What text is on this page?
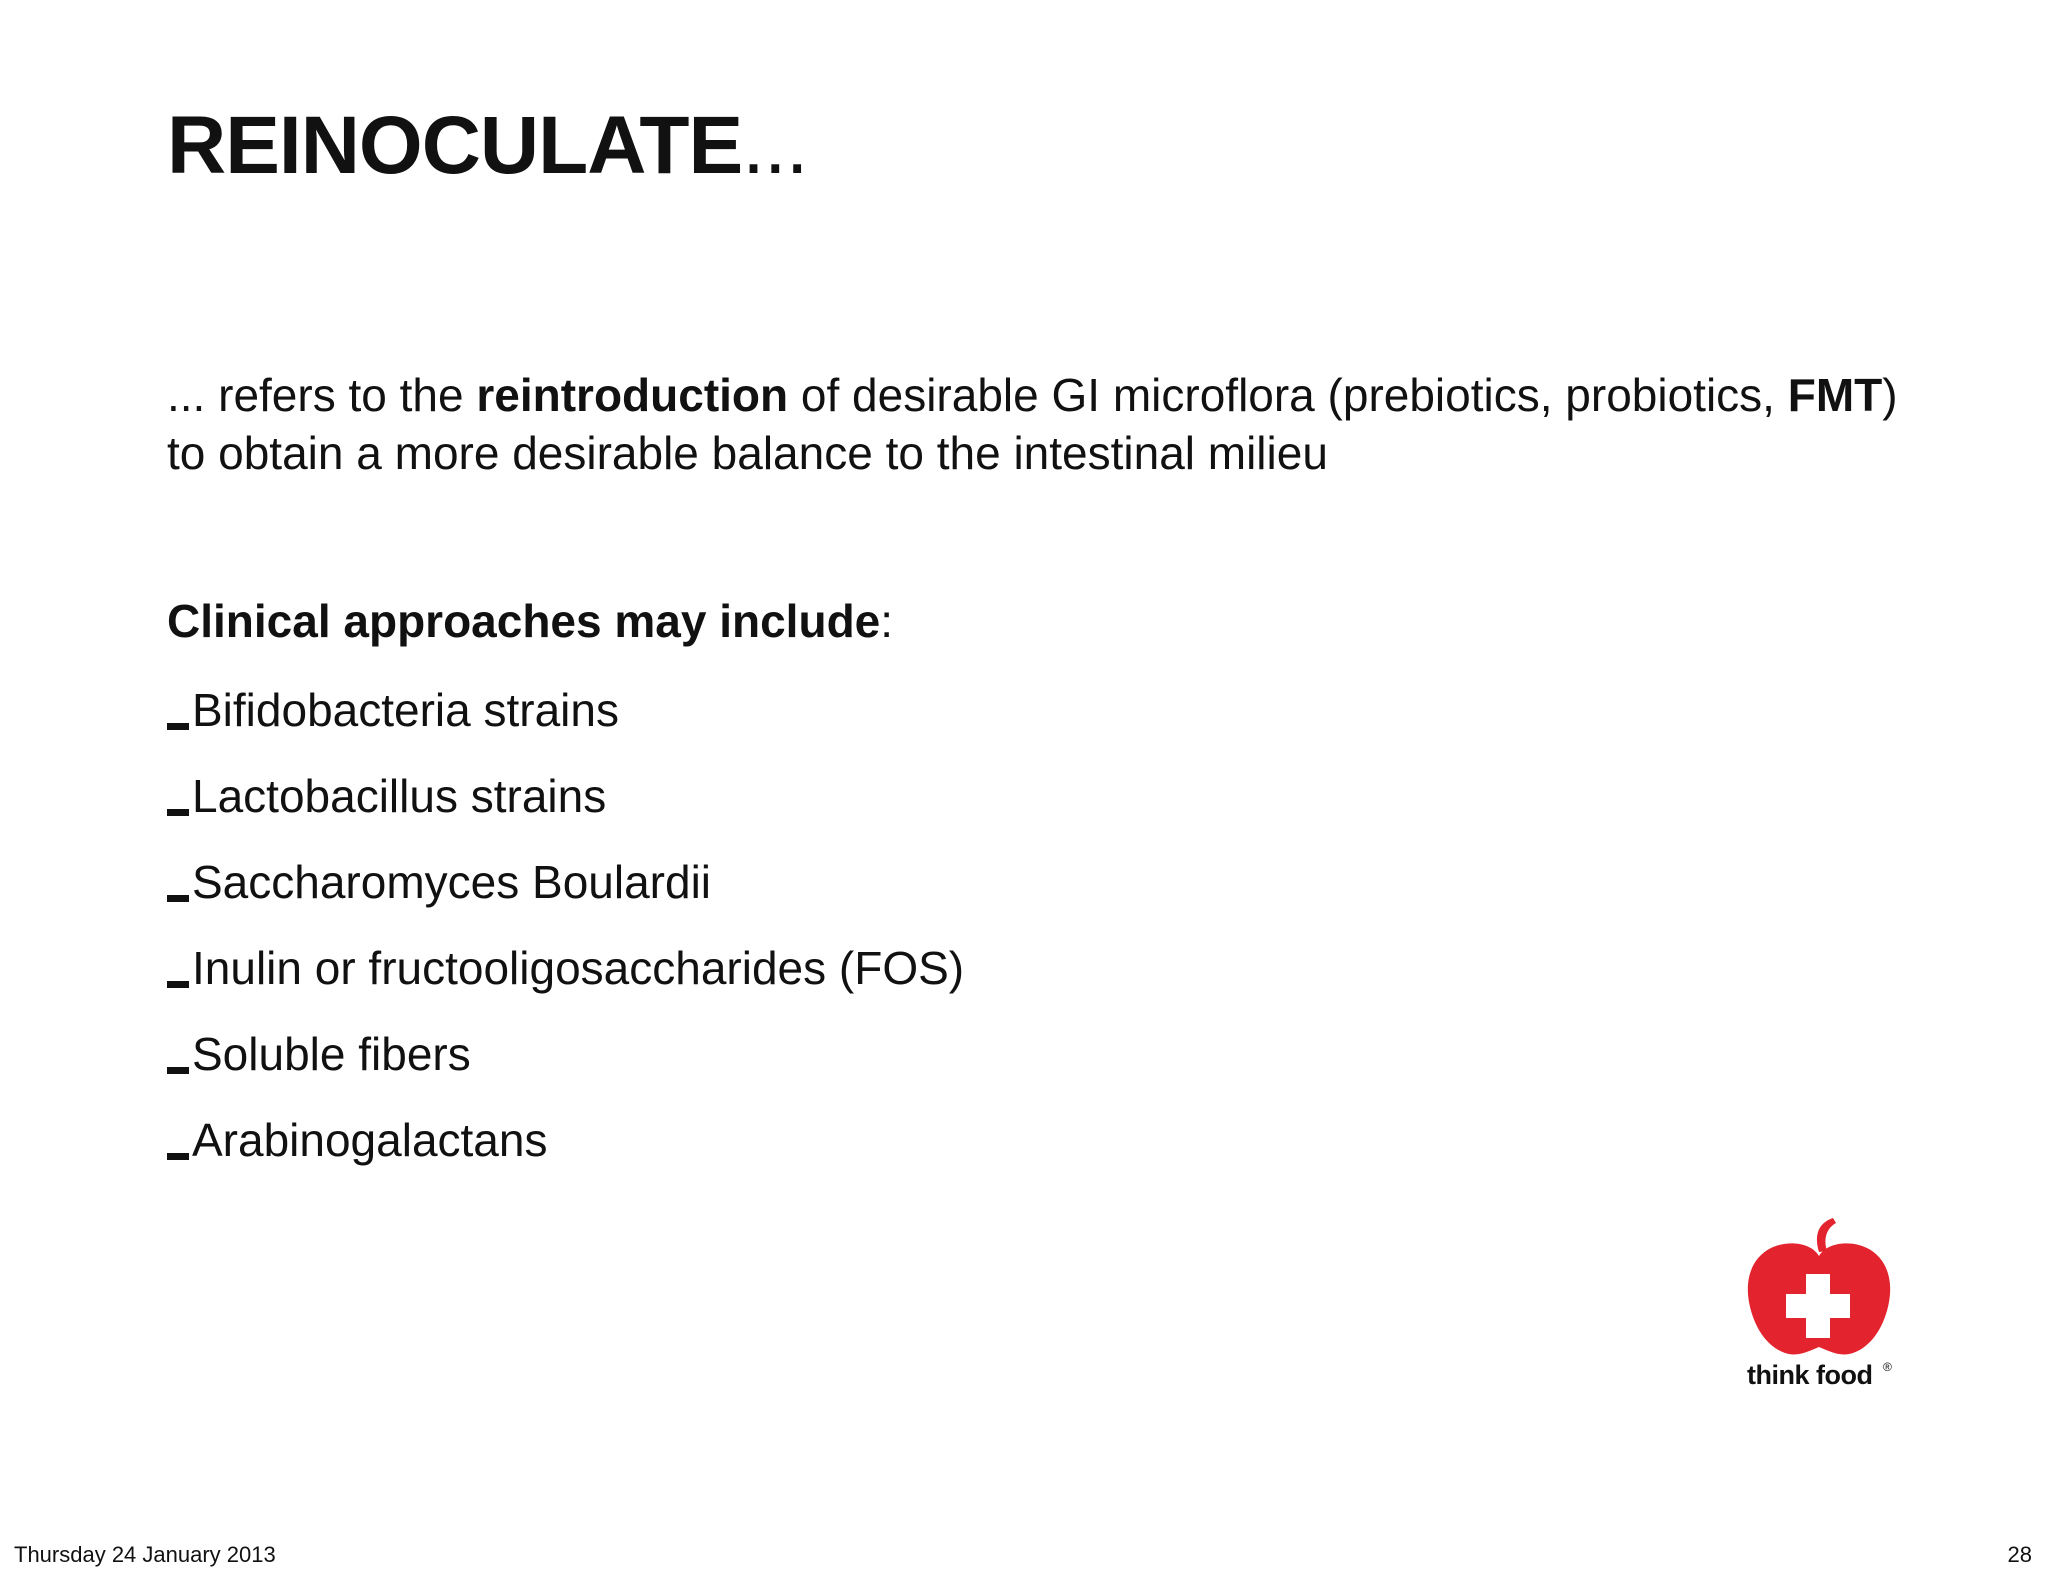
REINOCULATE...

... refers to the reintroduction of desirable GI microflora (prebiotics, probiotics, FMT) to obtain a more desirable balance to the intestinal milieu

Clinical approaches may include:

Bifidobacteria strains
Lactobacillus strains
Saccharomyces Boulardii
Inulin or fructooligosaccharides (FOS)
Soluble fibers
Arabinogalactans
think food ®
Thursday 24 January 2013	28
